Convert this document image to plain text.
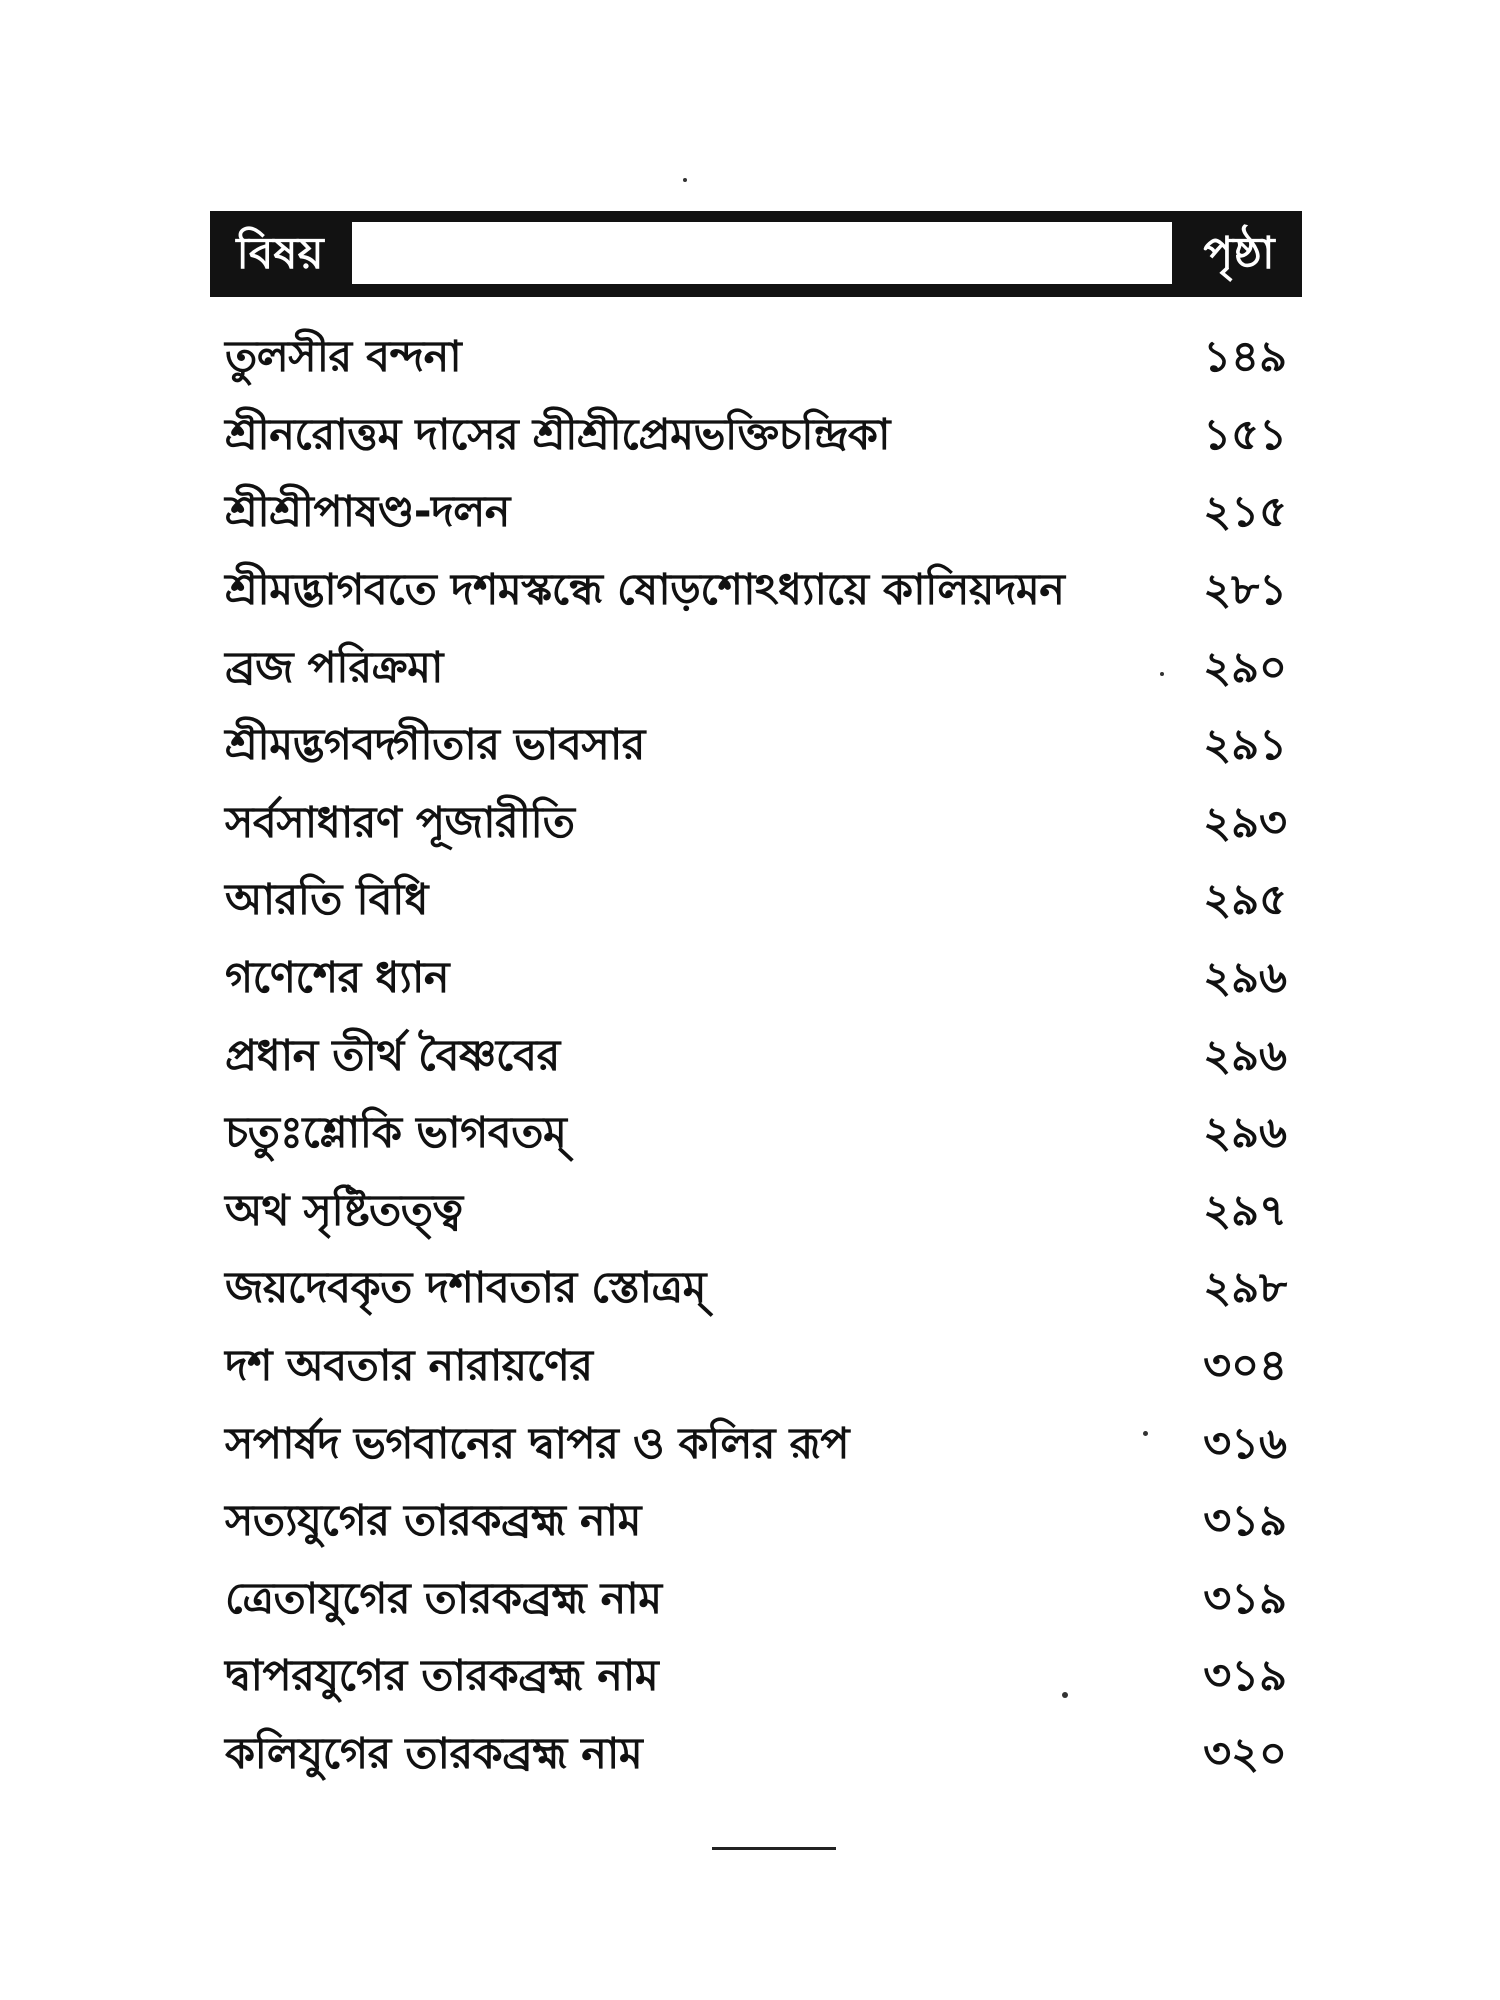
বিষয়	পৃষ্ঠা
তুলসীর বন্দনা	১৪৯
শ্রীনরোত্তম দাসের শ্রীশ্রীপ্রেমভক্তিচন্দ্রিকা	১৫১
শ্রীশ্রীপাষণ্ড-দলন	২১৫
শ্রীমদ্ভাগবতে দশমস্কন্ধে ষোড়শোঽধ্যায়ে কালিয়দমন	২৮১
ব্রজ পরিক্রমা	২৯০
শ্রীমদ্ভগবদ্গীতার ভাবসার	২৯১
সর্বসাধারণ পূজারীতি	২৯৩
আরতি বিধি	২৯৫
গণেশের ধ্যান	২৯৬
প্রধান তীর্থ বৈষ্ণবের	২৯৬
চতুঃশ্লোকি ভাগবতম্	২৯৬
অথ সৃষ্টিতত্ত্ব	২৯৭
জয়দেবকৃত দশাবতার স্তোত্রম্	২৯৮
দশ অবতার নারায়ণের	৩০৪
সপার্ষদ ভগবানের দ্বাপর ও কলির রূপ	৩১৬
সত্যযুগের তারকব্রহ্ম নাম	৩১৯
ত্রেতাযুগের তারকব্রহ্ম নাম	৩১৯
দ্বাপরযুগের তারকব্রহ্ম নাম	৩১৯
কলিযুগের তারকব্রহ্ম নাম	৩২০
